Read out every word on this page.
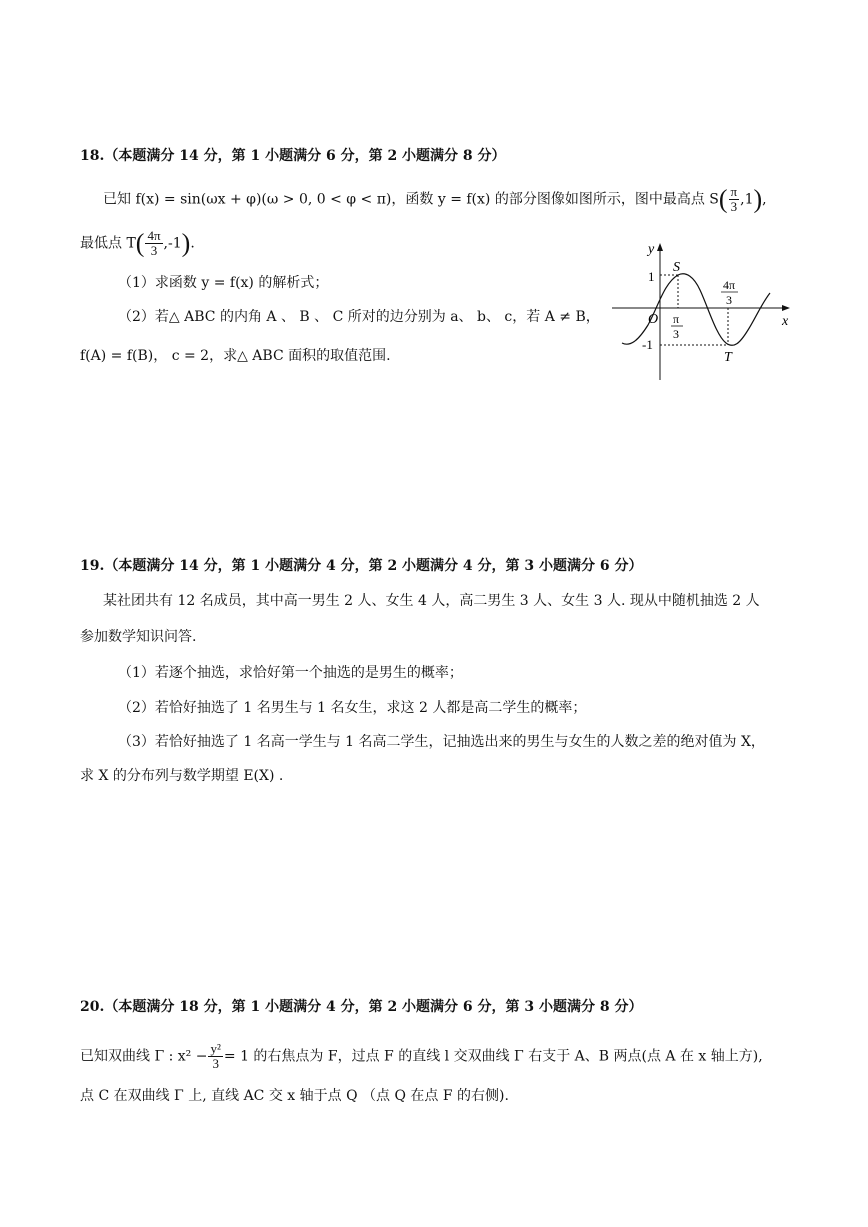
18.（本题满分 14 分，第 1 小题满分 6 分，第 2 小题满分 8 分）
已知 f(x) = sin(ωx + φ)(ω > 0, 0 < φ < π)，函数 y = f(x) 的部分图像如图所示，图中最高点 $S( \frac{\pi}{3} ,1)$,
最低点 $T( \frac{4\pi}{3} ,-1)$.
（1）求函数 y = f(x) 的解析式；
（2）若△ ABC 的内角 A 、 B 、 C 所对的边分别为 a、 b、 c，若 A ≠ B，
f(A) = f(B)， c = 2，求△ ABC 面积的取值范围.
y
x
O
1
-1
S
T
π
3
4π
3
19.（本题满分 14 分，第 1 小题满分 4 分，第 2 小题满分 4 分，第 3 小题满分 6 分）
某社团共有 12 名成员，其中高一男生 2 人、女生 4 人，高二男生 3 人、女生 3 人. 现从中随机抽选 2 人
参加数学知识问答.
（1）若逐个抽选，求恰好第一个抽选的是男生的概率；
（2）若恰好抽选了 1 名男生与 1 名女生，求这 2 人都是高二学生的概率；
（3）若恰好抽选了 1 名高一学生与 1 名高二学生，记抽选出来的男生与女生的人数之差的绝对值为 X，
求 X 的分布列与数学期望 E(X) .
20.（本题满分 18 分，第 1 小题满分 4 分，第 2 小题满分 6 分，第 3 小题满分 8 分）
已知双曲线 Γ : $x^2 - \frac{\text{y²}}{3} = 1$ 的右焦点为 F，过点 F 的直线 l 交双曲线 Γ 右支于 A、B 两点(点 A 在 x 轴上方),
点 C 在双曲线 Γ 上, 直线 AC 交 x 轴于点 Q （点 Q 在点 F 的右侧).
